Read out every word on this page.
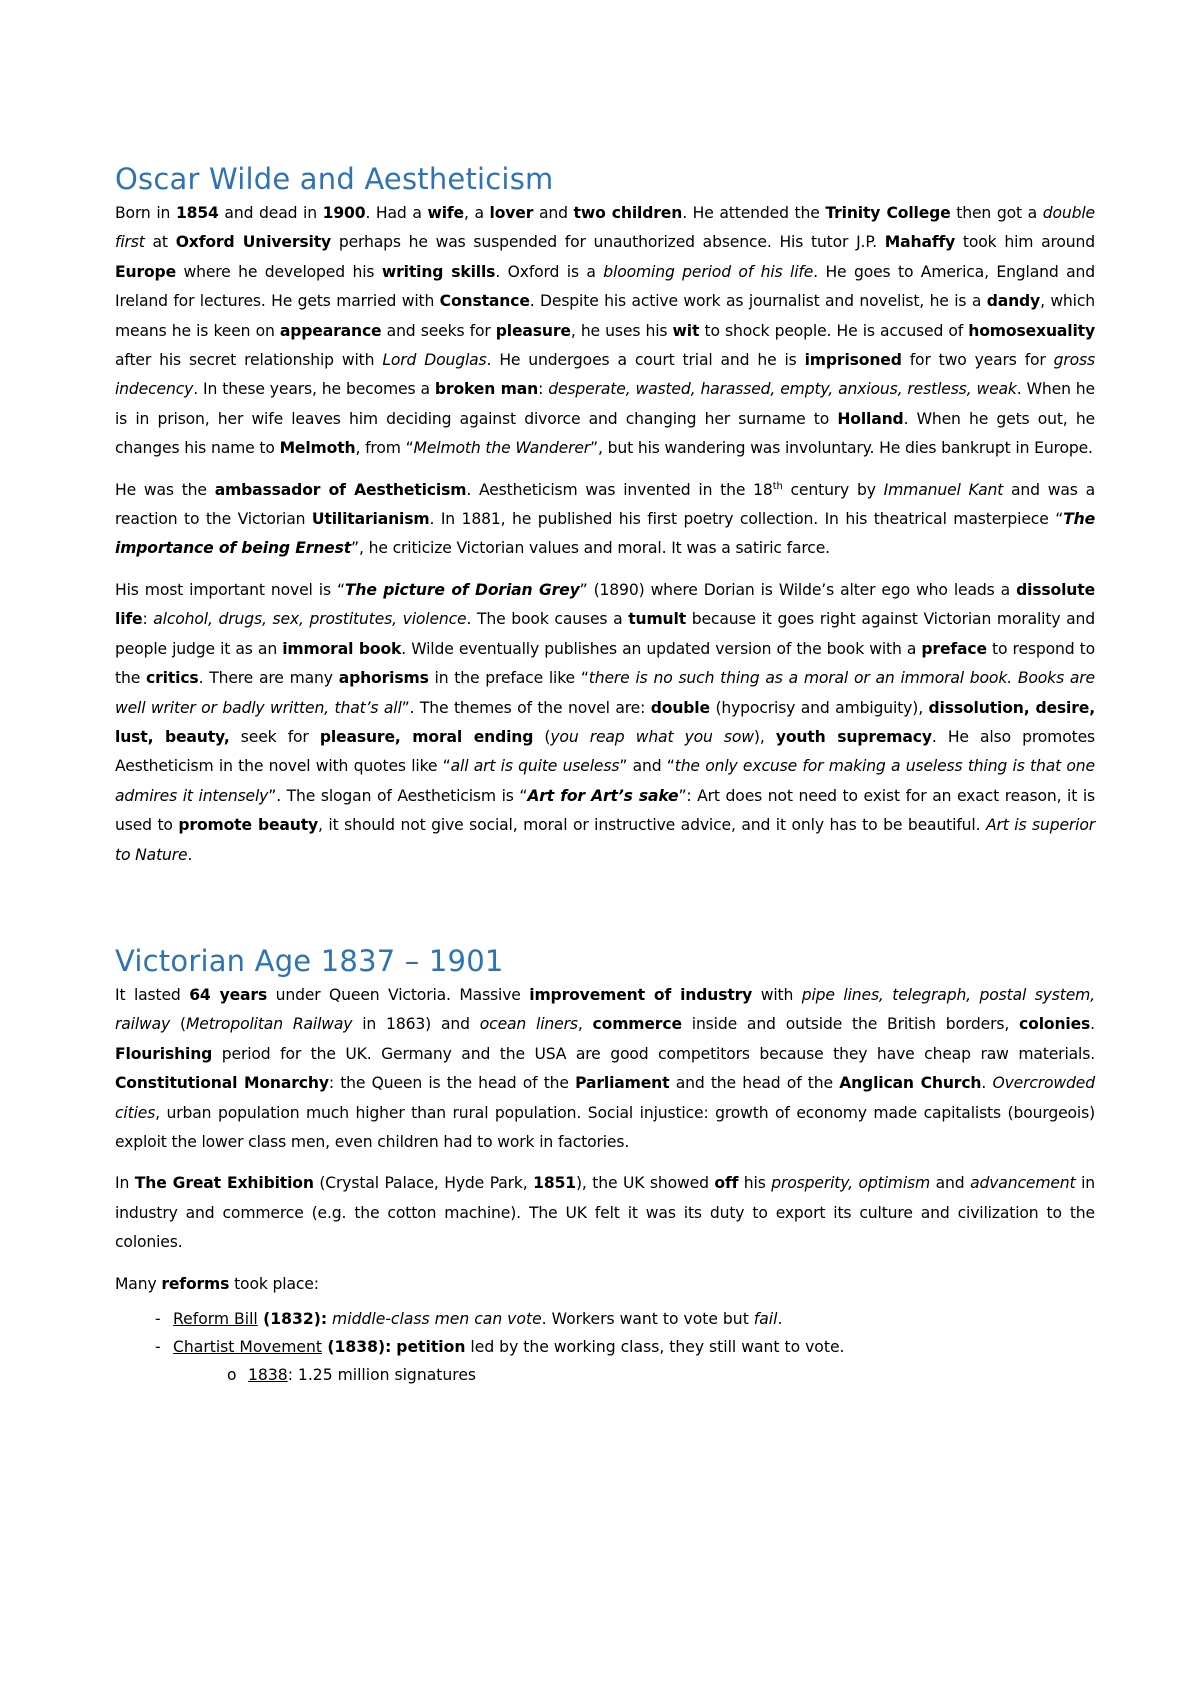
Oscar Wilde and Aestheticism

Born in 1854 and dead in 1900. Had a wife, a lover and two children. He attended the Trinity College then got a double first at Oxford University perhaps he was suspended for unauthorized absence. His tutor J.P. Mahaffy took him around Europe where he developed his writing skills. Oxford is a blooming period of his life. He goes to America, England and Ireland for lectures. He gets married with Constance. Despite his active work as journalist and novelist, he is a dandy, which means he is keen on appearance and seeks for pleasure, he uses his wit to shock people. He is accused of homosexuality after his secret relationship with Lord Douglas. He undergoes a court trial and he is imprisoned for two years for gross indecency. In these years, he becomes a broken man: desperate, wasted, harassed, empty, anxious, restless, weak. When he is in prison, her wife leaves him deciding against divorce and changing her surname to Holland. When he gets out, he changes his name to Melmoth, from “Melmoth the Wanderer”, but his wandering was involuntary. He dies bankrupt in Europe.

He was the ambassador of Aestheticism. Aestheticism was invented in the 18th century by Immanuel Kant and was a reaction to the Victorian Utilitarianism. In 1881, he published his first poetry collection. In his theatrical masterpiece “The importance of being Ernest”, he criticize Victorian values and moral. It was a satiric farce.

His most important novel is “The picture of Dorian Grey” (1890) where Dorian is Wilde’s alter ego who leads a dissolute life: alcohol, drugs, sex, prostitutes, violence. The book causes a tumult because it goes right against Victorian morality and people judge it as an immoral book. Wilde eventually publishes an updated version of the book with a preface to respond to the critics. There are many aphorisms in the preface like “there is no such thing as a moral or an immoral book. Books are well writer or badly written, that’s all”. The themes of the novel are: double (hypocrisy and ambiguity), dissolution, desire, lust, beauty, seek for pleasure, moral ending (you reap what you sow), youth supremacy. He also promotes Aestheticism in the novel with quotes like “all art is quite useless” and “the only excuse for making a useless thing is that one admires it intensely”. The slogan of Aestheticism is “Art for Art’s sake”: Art does not need to exist for an exact reason, it is used to promote beauty, it should not give social, moral or instructive advice, and it only has to be beautiful. Art is superior to Nature.

Victorian Age 1837 – 1901

It lasted 64 years under Queen Victoria. Massive improvement of industry with pipe lines, telegraph, postal system, railway (Metropolitan Railway in 1863) and ocean liners, commerce inside and outside the British borders, colonies. Flourishing period for the UK. Germany and the USA are good competitors because they have cheap raw materials. Constitutional Monarchy: the Queen is the head of the Parliament and the head of the Anglican Church. Overcrowded cities, urban population much higher than rural population. Social injustice: growth of economy made capitalists (bourgeois) exploit the lower class men, even children had to work in factories.

In The Great Exhibition (Crystal Palace, Hyde Park, 1851), the UK showed off his prosperity, optimism and advancement in industry and commerce (e.g. the cotton machine). The UK felt it was its duty to export its culture and civilization to the colonies.

Many reforms took place:

- Reform Bill (1832): middle-class men can vote. Workers want to vote but fail.
- Chartist Movement (1838): petition led by the working class, they still want to vote.
o 1838: 1.25 million signatures
